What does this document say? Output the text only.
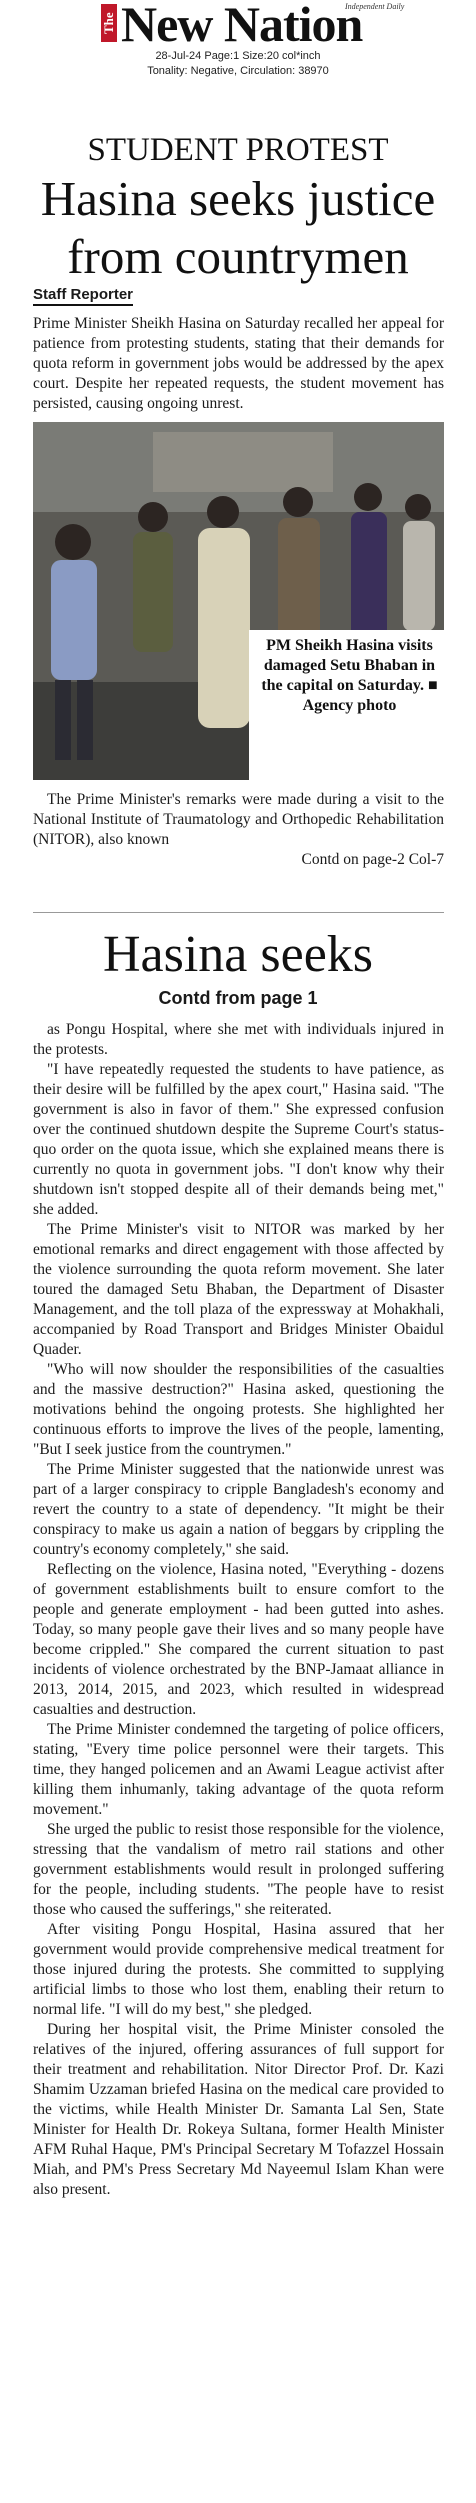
The New Nation
Independent Daily
28-Jul-24 Page:1 Size:20 col*inch
Tonality: Negative, Circulation: 38970
STUDENT PROTEST
Hasina seeks justice
from countrymen
Staff Reporter

Prime Minister Sheikh Hasina on Saturday recalled her appeal for patience from protesting students, stating that their demands for quota reform in government jobs would be addressed by the apex court. Despite her repeated requests, the student movement has persisted, causing ongoing unrest.

PM Sheikh Hasina visits damaged Setu Bhaban in the capital on Saturday. ■ Agency photo

The Prime Minister's remarks were made during a visit to the National Institute of Traumatology and Orthopedic Rehabilitation (NITOR), also known

Contd on page-2 Col-7
Hasina seeks
Contd from page 1

as Pongu Hospital, where she met with individuals injured in the protests.

"I have repeatedly requested the students to have patience, as their desire will be fulfilled by the apex court," Hasina said. "The government is also in favor of them." She expressed confusion over the continued shutdown despite the Supreme Court's status-quo order on the quota issue, which she explained means there is currently no quota in government jobs. "I don't know why their shutdown isn't stopped despite all of their demands being met," she added.

The Prime Minister's visit to NITOR was marked by her emotional remarks and direct engagement with those affected by the violence surrounding the quota reform movement. She later toured the damaged Setu Bhaban, the Department of Disaster Management, and the toll plaza of the expressway at Mohakhali, accompanied by Road Transport and Bridges Minister Obaidul Quader.

"Who will now shoulder the responsibilities of the casualties and the massive destruction?" Hasina asked, questioning the motivations behind the ongoing protests. She highlighted her continuous efforts to improve the lives of the people, lamenting, "But I seek justice from the countrymen."

The Prime Minister suggested that the nationwide unrest was part of a larger conspiracy to cripple Bangladesh's economy and revert the country to a state of dependency. "It might be their conspiracy to make us again a nation of beggars by crippling the country's economy completely," she said.

Reflecting on the violence, Hasina noted, "Everything - dozens of government establishments built to ensure comfort to the people and generate employment - had been gutted into ashes. Today, so many people gave their lives and so many people have become crippled." She compared the current situation to past incidents of violence orchestrated by the BNP-Jamaat alliance in 2013, 2014, 2015, and 2023, which resulted in widespread casualties and destruction.

The Prime Minister condemned the targeting of police officers, stating, "Every time police personnel were their targets. This time, they hanged policemen and an Awami League activist after killing them inhumanly, taking advantage of the quota reform movement."

She urged the public to resist those responsible for the violence, stressing that the vandalism of metro rail stations and other government establishments would result in prolonged suffering for the people, including students. "The people have to resist those who caused the sufferings," she reiterated.

After visiting Pongu Hospital, Hasina assured that her government would provide comprehensive medical treatment for those injured during the protests. She committed to supplying artificial limbs to those who lost them, enabling their return to normal life. "I will do my best," she pledged.

During her hospital visit, the Prime Minister consoled the relatives of the injured, offering assurances of full support for their treatment and rehabilitation. Nitor Director Prof. Dr. Kazi Shamim Uzzaman briefed Hasina on the medical care provided to the victims, while Health Minister Dr. Samanta Lal Sen, State Minister for Health Dr. Rokeya Sultana, former Health Minister AFM Ruhal Haque, PM's Principal Secretary M Tofazzel Hossain Miah, and PM's Press Secretary Md Nayeemul Islam Khan were also present.
